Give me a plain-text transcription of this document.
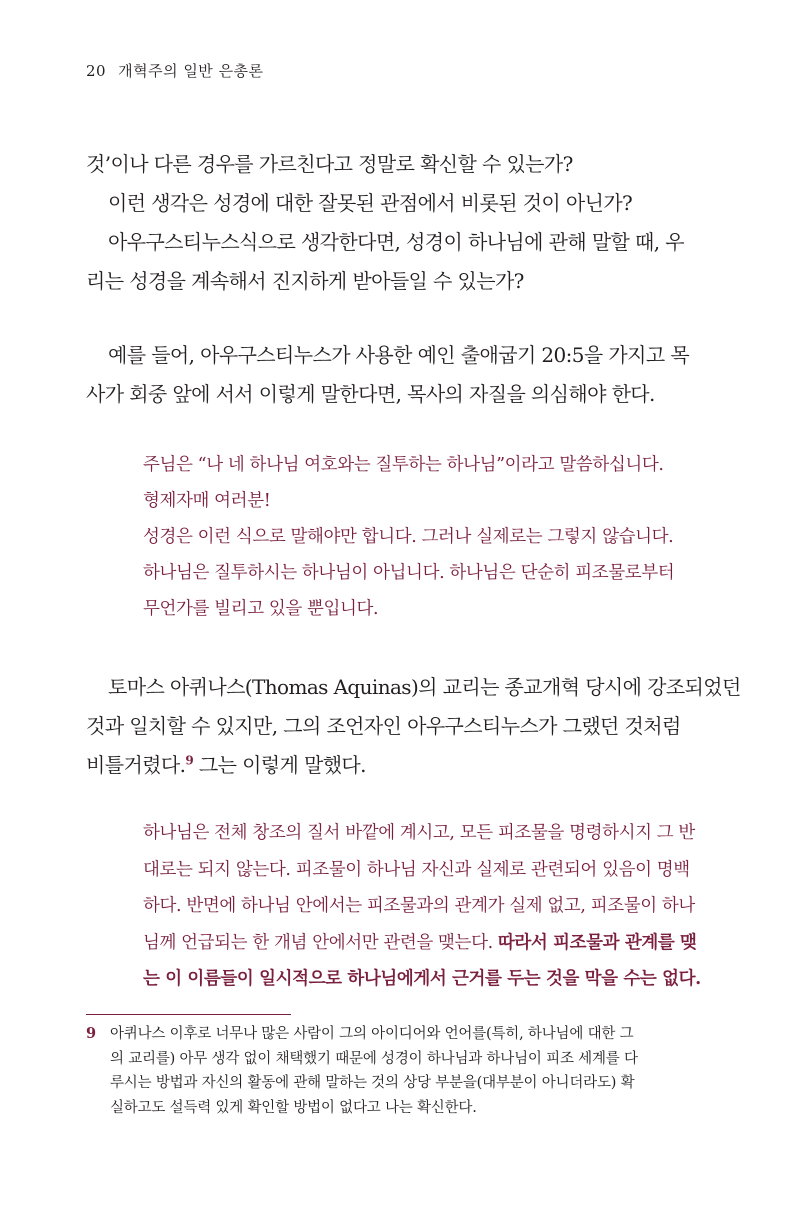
20 개혁주의 일반 은총론

것’이나 다른 경우를 가르친다고 정말로 확신할 수 있는가?

이런 생각은 성경에 대한 잘못된 관점에서 비롯된 것이 아닌가?

아우구스티누스식으로 생각한다면, 성경이 하나님에 관해 말할 때, 우

리는 성경을 계속해서 진지하게 받아들일 수 있는가?

예를 들어, 아우구스티누스가 사용한 예인 출애굽기 20:5을 가지고 목

사가 회중 앞에 서서 이렇게 말한다면, 목사의 자질을 의심해야 한다.

주님은 “나 네 하나님 여호와는 질투하는 하나님”이라고 말씀하십니다.

형제자매 여러분!

성경은 이런 식으로 말해야만 합니다. 그러나 실제로는 그렇지 않습니다.

하나님은 질투하시는 하나님이 아닙니다. 하나님은 단순히 피조물로부터

무언가를 빌리고 있을 뿐입니다.

토마스 아퀴나스(Thomas Aquinas)의 교리는 종교개혁 당시에 강조되었던

것과 일치할 수 있지만, 그의 조언자인 아우구스티누스가 그랬던 것처럼

비틀거렸다.$^9$ 그는 이렇게 말했다.

하나님은 전체 창조의 질서 바깥에 계시고, 모든 피조물을 명령하시지 그 반

대로는 되지 않는다. 피조물이 하나님 자신과 실제로 관련되어 있음이 명백

하다. 반면에 하나님 안에서는 피조물과의 관계가 실제 없고, 피조물이 하나

님께 언급되는 한 개념 안에서만 관련을 맺는다. 따라서 피조물과 관계를 맺

는 이 이름들이 일시적으로 하나님에게서 근거를 두는 것을 막을 수는 없다.

9 아퀴나스 이후로 너무나 많은 사람이 그의 아이디어와 언어를(특히, 하나님에 대한 그

의 교리를) 아무 생각 없이 채택했기 때문에 성경이 하나님과 하나님이 피조 세계를 다

루시는 방법과 자신의 활동에 관해 말하는 것의 상당 부분을(대부분이 아니더라도) 확

실하고도 설득력 있게 확인할 방법이 없다고 나는 확신한다.
